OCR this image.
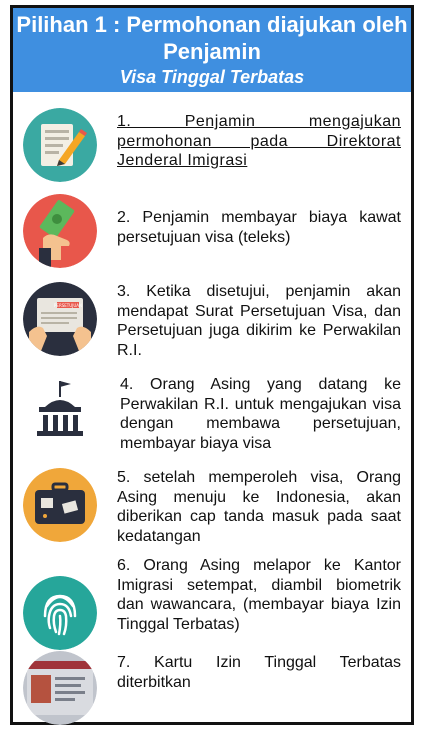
Pilihan 1 : Permohonan diajukan oleh
Penjamin
Visa Tinggal Terbatas
1. Penjamin mengajukan permohonan pada Direktorat Jenderal Imigrasi
2. Penjamin membayar biaya kawat persetujuan visa (teleks)
PERSETUJUAN
3. Ketika disetujui, penjamin akan mendapat Surat Persetujuan Visa, dan Persetujuan juga dikirim ke Perwakilan R.I.
4. Orang Asing yang datang ke Perwakilan R.I. untuk mengajukan visa dengan membawa persetujuan, membayar biaya visa
5. setelah memperoleh visa, Orang Asing menuju ke Indonesia, akan diberikan cap tanda masuk pada saat kedatangan
6. Orang Asing melapor ke Kantor Imigrasi setempat, diambil biometrik dan wawancara, (membayar biaya Izin Tinggal Terbatas)
7. Kartu Izin Tinggal Terbatas diterbitkan
